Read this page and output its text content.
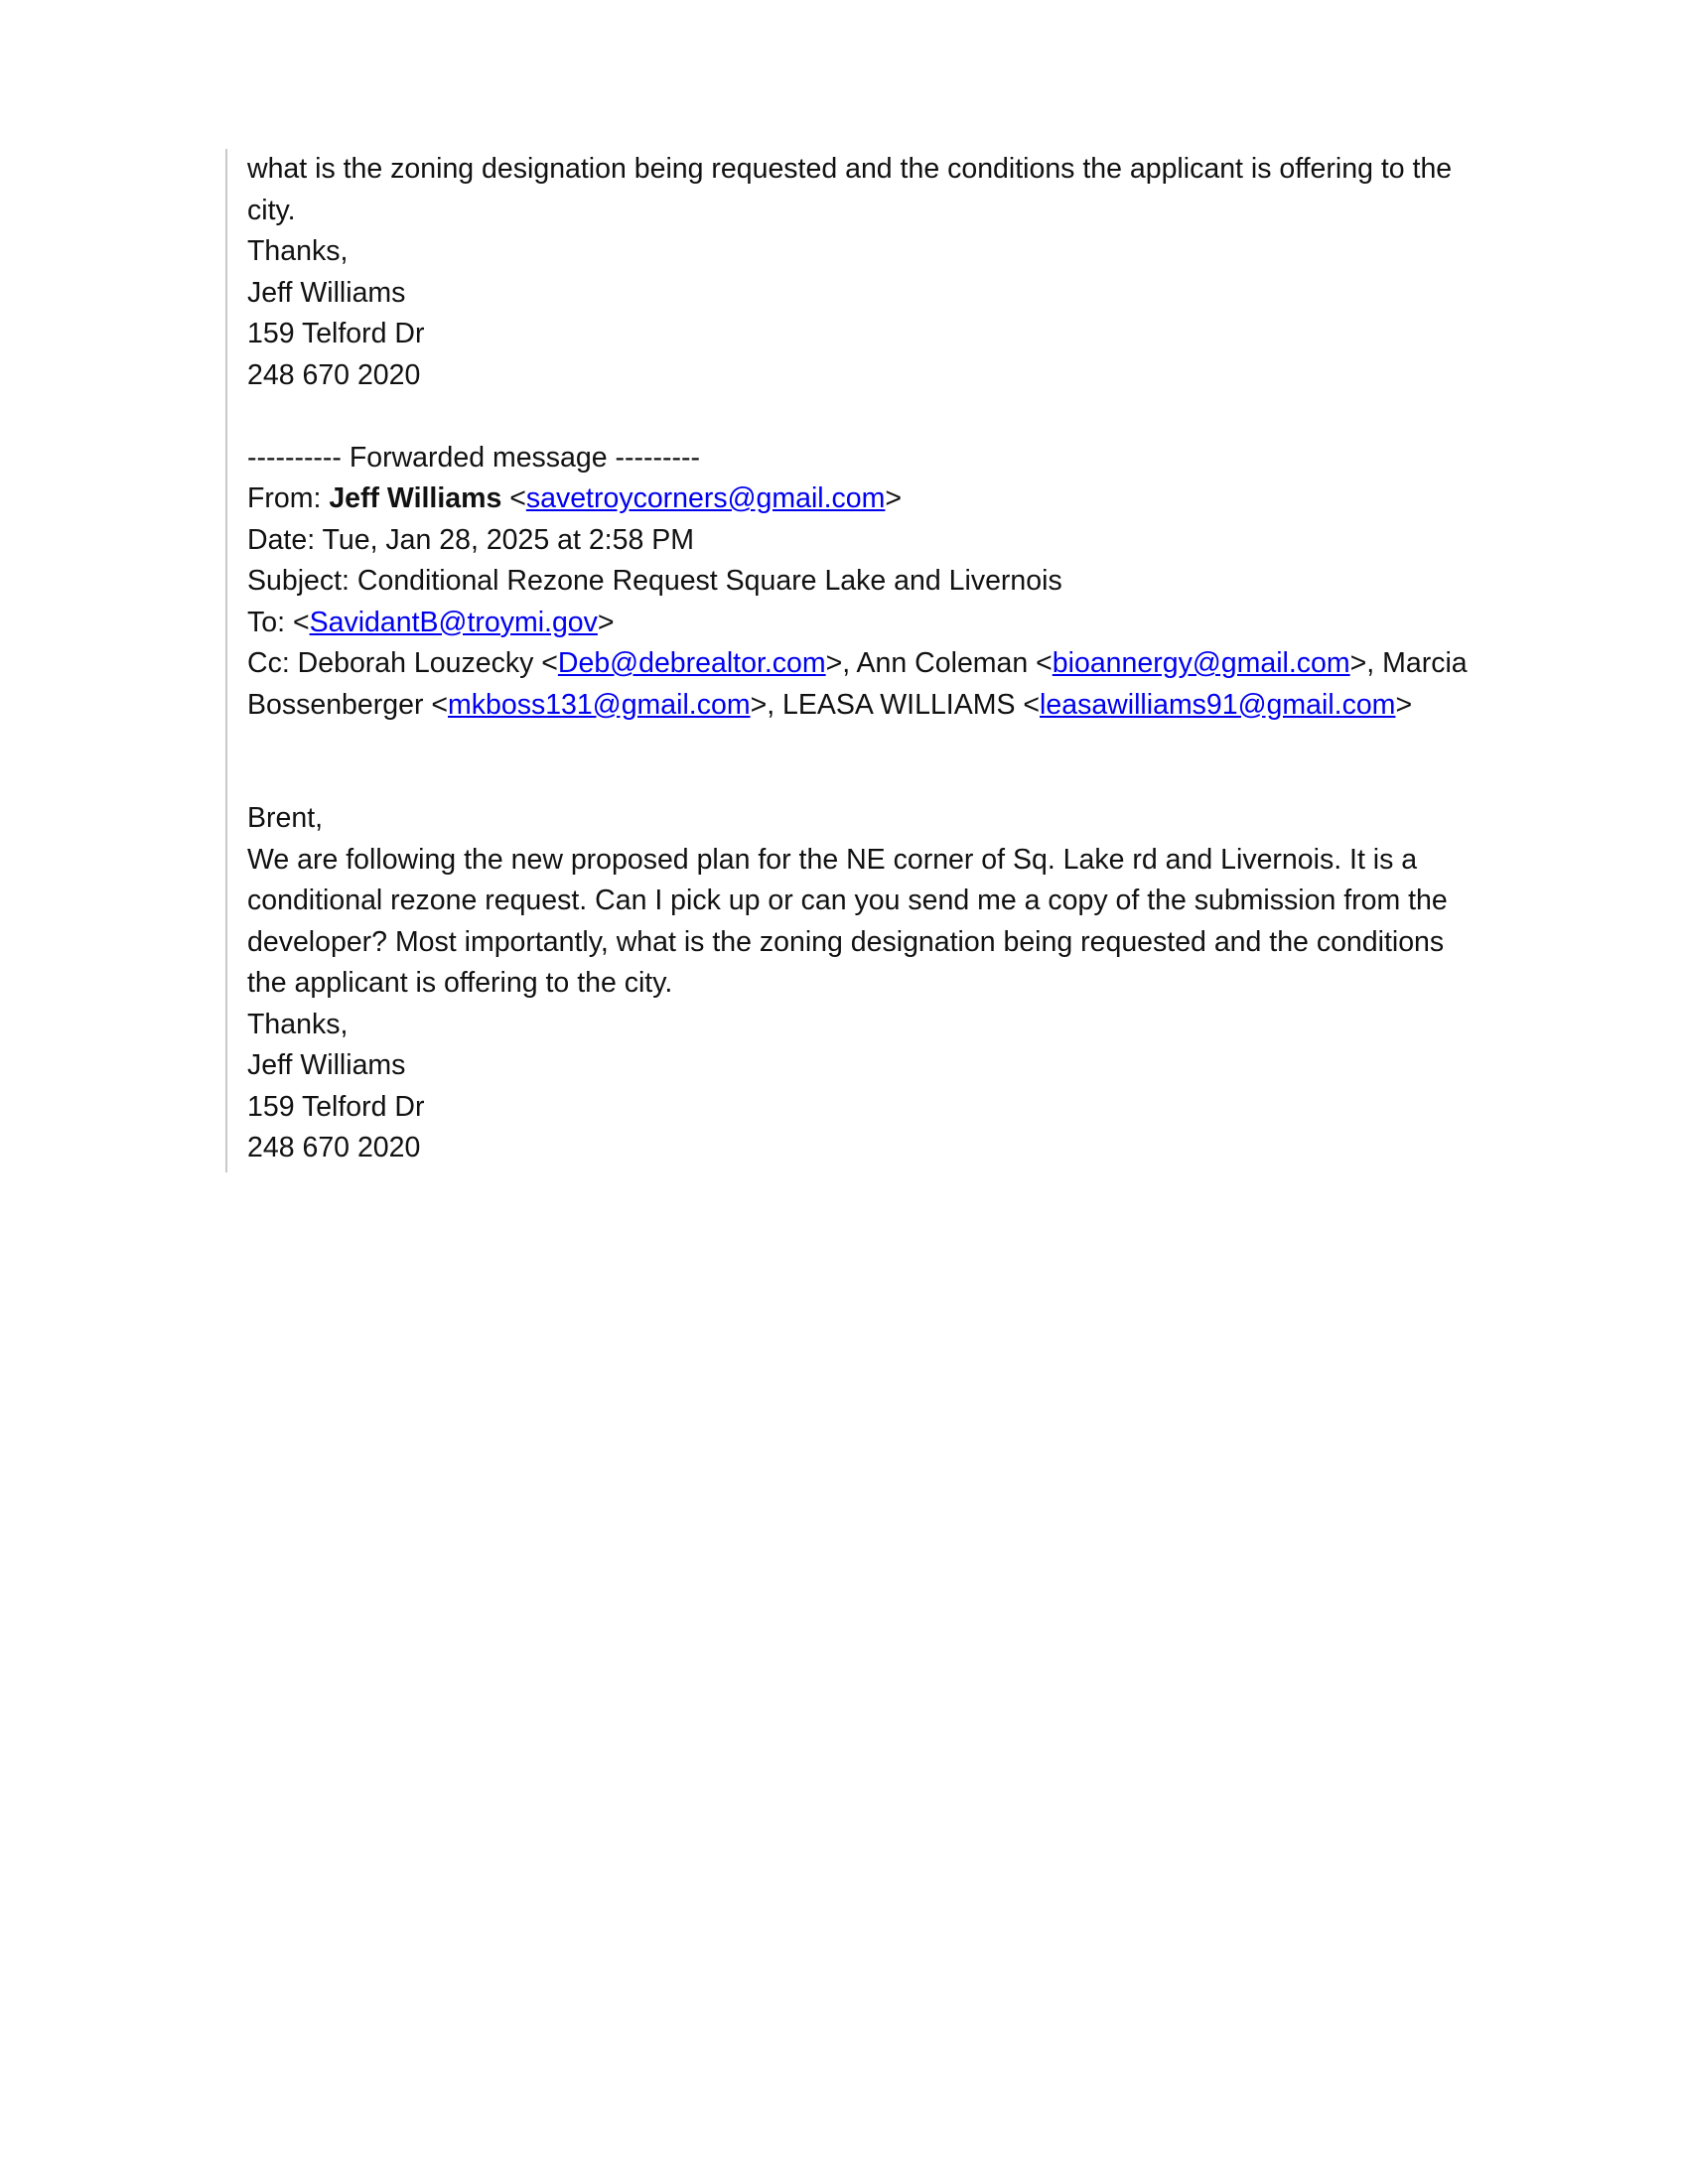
what is the zoning designation being requested and the conditions the applicant is offering to the
city.
Thanks,
Jeff Williams
159 Telford Dr
248 670 2020
---------- Forwarded message ---------
From: Jeff Williams <savetroycorners@gmail.com>
Date: Tue, Jan 28, 2025 at 2:58 PM
Subject: Conditional Rezone Request Square Lake and Livernois
To: <SavidantB@troymi.gov>
Cc: Deborah Louzecky <Deb@debrealtor.com>, Ann Coleman <bioannergy@gmail.com>, Marcia
Bossenberger <mkboss131@gmail.com>, LEASA WILLIAMS <leasawilliams91@gmail.com>
Brent,
We are following the new proposed plan for the NE corner of Sq. Lake rd and Livernois. It is a
conditional rezone request. Can I pick up or can you send me a copy of the submission from the
developer? Most importantly, what is the zoning designation being requested and the conditions
the applicant is offering to the city.
Thanks,
Jeff Williams
159 Telford Dr
248 670 2020
